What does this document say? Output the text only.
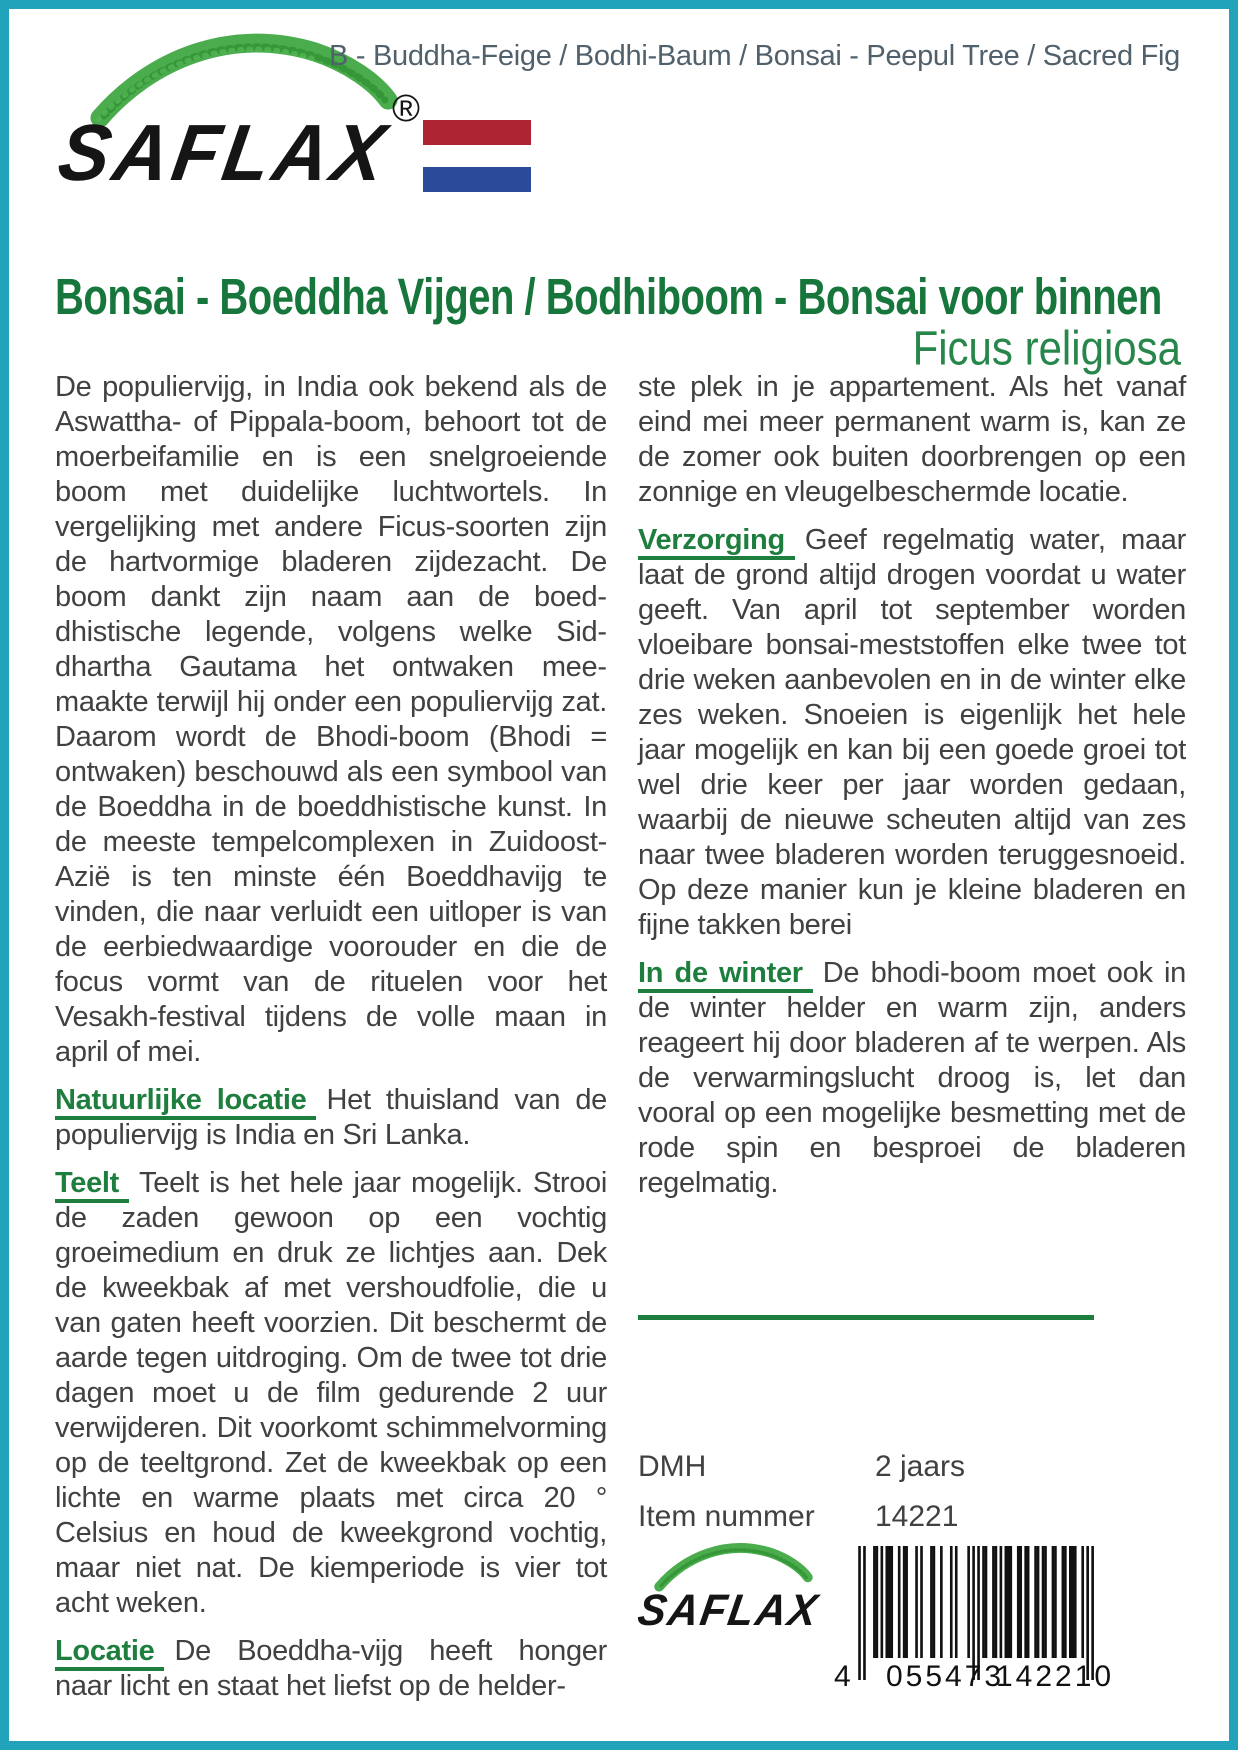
SAFLAX
®
B - Buddha-Feige / Bodhi-Baum / Bonsai - Peepul Tree / Sacred Fig
Bonsai - Boeddha Vijgen / Bodhiboom - Bonsai voor binnen
Ficus religiosa

De populiervijg, in India ook bekend als de Aswattha- of Pippala-boom, behoort tot de moerbeifamilie en is een snelgroeiende boom met duidelijke luchtwortels. In vergelijking met andere Ficus-soorten zijn de hartvormige bladeren zijdezacht. De boom dankt zijn naam aan de boeddhistische legende, volgens welke Siddhartha Gautama het ontwaken meemaakte terwijl hij onder een populiervijg zat. Daarom wordt de Bhodi-boom (Bhodi = ontwaken) beschouwd als een symbool van de Boeddha in de boeddhistische kunst. In de meeste tempelcomplexen in Zuidoost-Azië is ten minste één Boeddhavijg te vinden, die naar verluidt een uitloper is van de eerbiedwaardige voorouder en die de focus vormt van de rituelen voor het Vesakh-festival tijdens de volle maan in april of mei.

Natuurlijke locatie Het thuisland van de populiervijg is India en Sri Lanka.

Teelt Teelt is het hele jaar mogelijk. Strooi de zaden gewoon op een vochtig groeimedium en druk ze lichtjes aan. Dek de kweekbak af met vershoudfolie, die u van gaten heeft voorzien. Dit beschermt de aarde tegen uitdroging. Om de twee tot drie dagen moet u de film gedurende 2 uur verwijderen. Dit voorkomt schimmelvorming op de teeltgrond. Zet de kweekbak op een lichte en warme plaats met circa 20 ° Celsius en houd de kweekgrond vochtig, maar niet nat. De kiemperiode is vier tot acht weken.

Locatie De Boeddha-vijg heeft honger naar licht en staat het liefst op de helder-

ste plek in je appartement. Als het vanaf eind mei meer permanent warm is, kan ze de zomer ook buiten doorbrengen op een zonnige en vleugelbeschermde locatie.

Verzorging Geef regelmatig water, maar laat de grond altijd drogen voordat u water geeft. Van april tot september worden vloeibare bonsai-meststoffen elke twee tot drie weken aanbevolen en in de winter elke zes weken. Snoeien is eigenlijk het hele jaar mogelijk en kan bij een goede groei tot wel drie keer per jaar worden gedaan, waarbij de nieuwe scheuten altijd van zes naar twee bladeren worden teruggesnoeid. Op deze manier kun je kleine bladeren en fijne takken berei

In de winter De bhodi-boom moet ook in de winter helder en warm zijn, anders reageert hij door bladeren af te werpen. Als de verwarmingslucht droog is, let dan vooral op een mogelijke besmetting met de rode spin en besproei de bladeren regelmatig.

DMH	2 jaars
Item nummer	14221
SAFLAX
4 055473
142210
